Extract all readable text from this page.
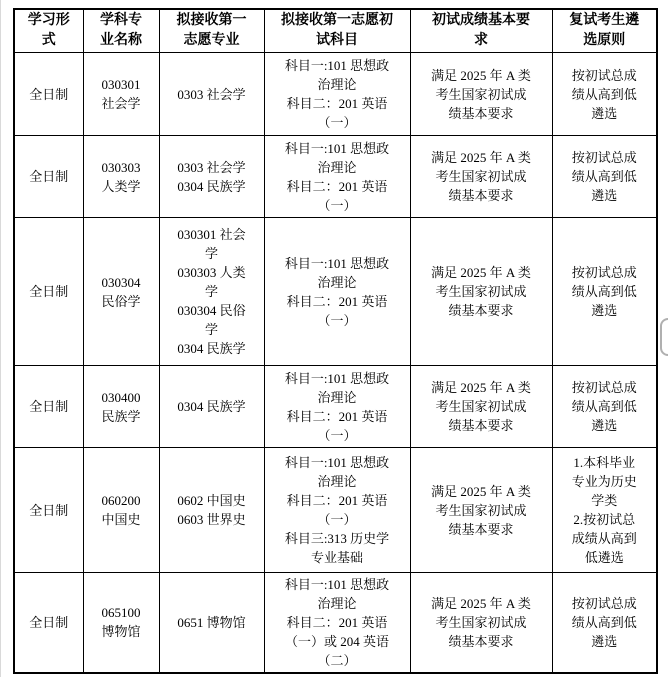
学习形
式	学科专
业名称	拟接收第一
志愿专业	拟接收第一志愿初
试科目	初试成绩基本要
求	复试考生遴
选原则
全日制	030301
社会学	0303 社会学	科目一:101 思想政
治理论
科目二：201 英语
（一）	满足 2025 年 A 类
考生国家初试成
绩基本要求	按初试总成
绩从高到低
遴选
全日制	030303
人类学	0303 社会学
0304 民族学	科目一:101 思想政
治理论
科目二：201 英语
（一）	满足 2025 年 A 类
考生国家初试成
绩基本要求	按初试总成
绩从高到低
遴选
全日制	030304
民俗学	030301 社会
学
030303 人类
学
030304 民俗
学
0304 民族学	科目一:101 思想政
治理论
科目二：201 英语
（一）	满足 2025 年 A 类
考生国家初试成
绩基本要求	按初试总成
绩从高到低
遴选
全日制	030400
民族学	0304 民族学	科目一:101 思想政
治理论
科目二：201 英语
（一）	满足 2025 年 A 类
考生国家初试成
绩基本要求	按初试总成
绩从高到低
遴选
全日制	060200
中国史	0602 中国史
0603 世界史	科目一:101 思想政
治理论
科目二：201 英语
（一）
科目三:313 历史学
专业基础	满足 2025 年 A 类
考生国家初试成
绩基本要求	1.本科毕业
专业为历史
学类
2.按初试总
成绩从高到
低遴选
全日制	065100
博物馆	0651 博物馆	科目一:101 思想政
治理论
科目二：201 英语
（一）或 204 英语
（二）	满足 2025 年 A 类
考生国家初试成
绩基本要求	按初试总成
绩从高到低
遴选
